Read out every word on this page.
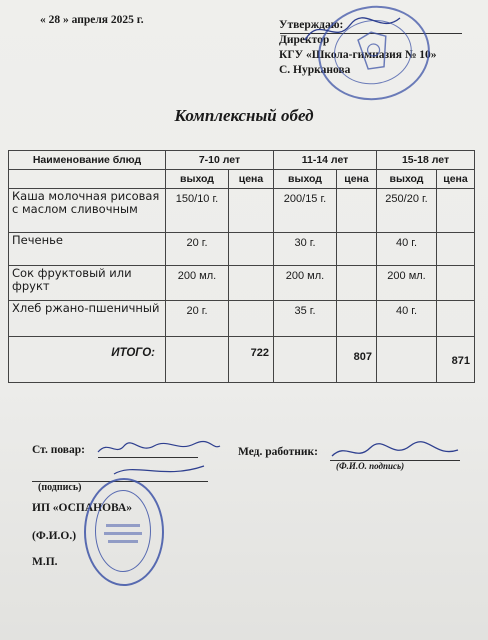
« 28 » апреля 2025 г.	Утверждаю:
Директор
КГУ «Школа-гимназия № 10»
С. Нурканова
Комплексный обед
Наименование блюд	7-10 лет		11-14 лет		15-18 лет	
	выход	цена	выход	цена	выход	цена
Каша молочная рисовая с маслом сливочным	150/10 г.		200/15 г.		250/20 г.	
Печенье	20 г.		30 г.		40 г.	
Сок фруктовый или фрукт	200 мл.		200 мл.		200 мл.	
Хлеб ржано-пшеничный	20 г.		35 г.		40 г.	
ИТОГО:		722		807		871
Ст. повар:
(подпись)
Мед. работник:
(Ф.И.О. подпись)
ИП «ОСПАНОВА»
(Ф.И.О.)
М.П.
